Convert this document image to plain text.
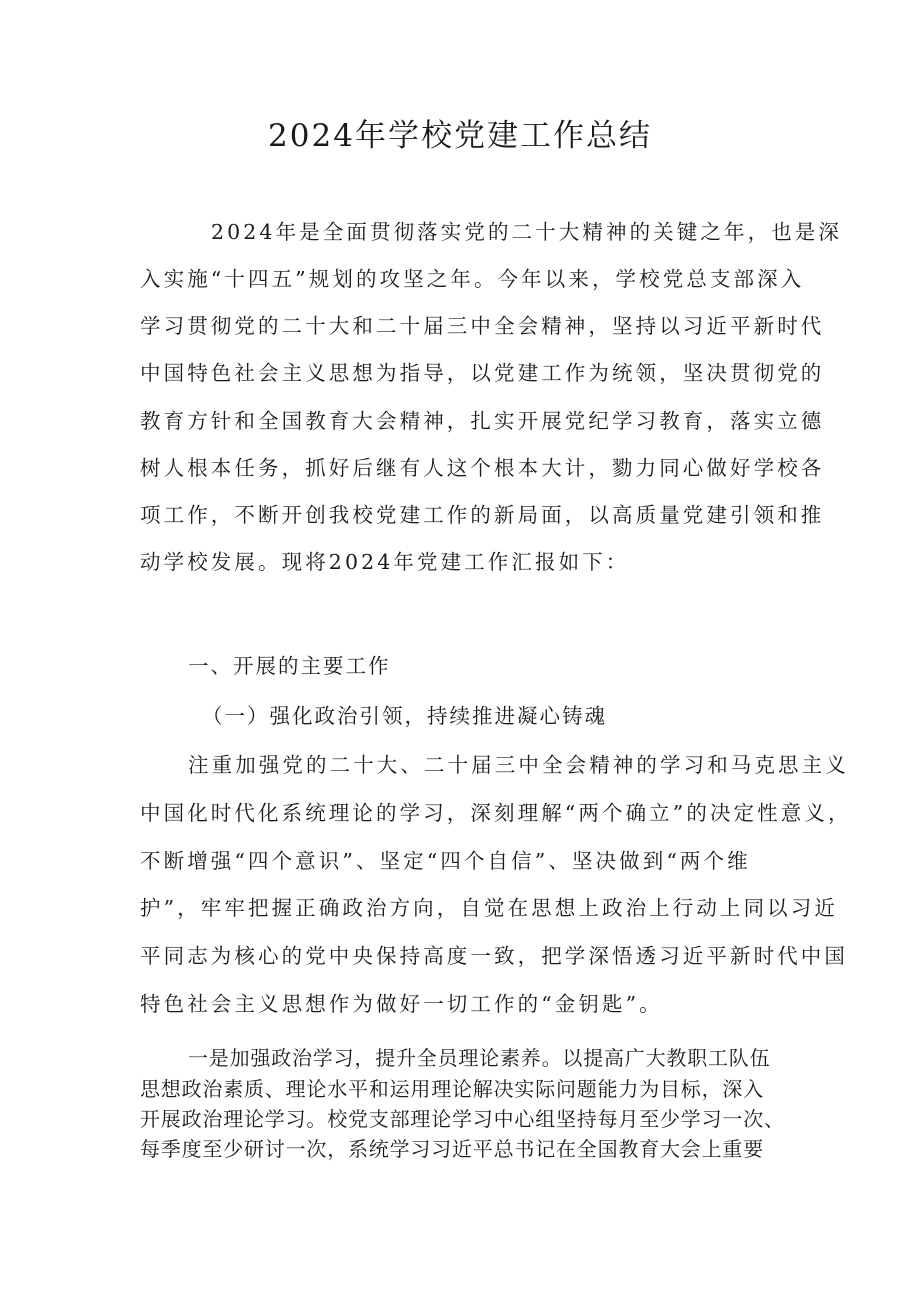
2024年学校党建工作总结

2024年是全面贯彻落实党的二十大精神的关键之年，也是深

入实施“十四五”规划的攻坚之年。今年以来，学校党总支部深入

学习贯彻党的二十大和二十届三中全会精神，坚持以习近平新时代

中国特色社会主义思想为指导，以党建工作为统领，坚决贯彻党的

教育方针和全国教育大会精神，扎实开展党纪学习教育，落实立德

树人根本任务，抓好后继有人这个根本大计，勠力同心做好学校各

项工作，不断开创我校党建工作的新局面，以高质量党建引领和推

动学校发展。现将2024年党建工作汇报如下：

一、开展的主要工作

（一）强化政治引领，持续推进凝心铸魂

注重加强党的二十大、二十届三中全会精神的学习和马克思主义

中国化时代化系统理论的学习，深刻理解“两个确立”的决定性意义，

不断增强“四个意识”、坚定“四个自信”、坚决做到“两个维

护”，牢牢把握正确政治方向，自觉在思想上政治上行动上同以习近

平同志为核心的党中央保持高度一致，把学深悟透习近平新时代中国

特色社会主义思想作为做好一切工作的“金钥匙”。

一是加强政治学习，提升全员理论素养。以提高广大教职工队伍

思想政治素质、理论水平和运用理论解决实际问题能力为目标，深入

开展政治理论学习。校党支部理论学习中心组坚持每月至少学习一次、

每季度至少研讨一次，系统学习习近平总书记在全国教育大会上重要
